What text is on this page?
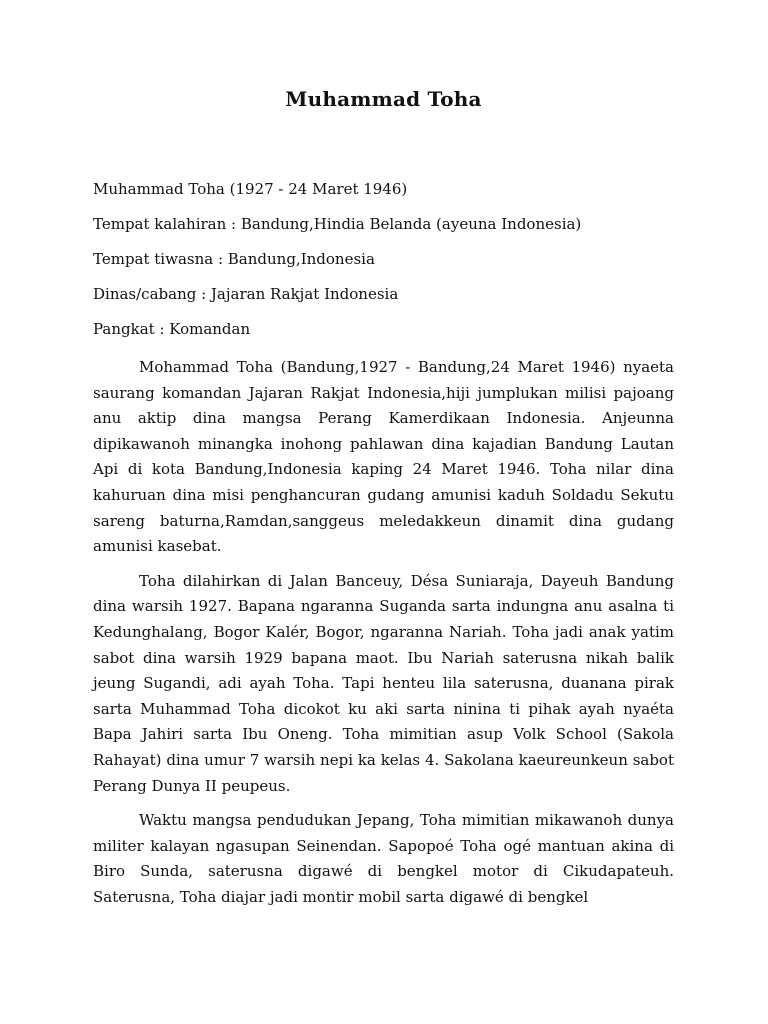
Muhammad Toha

Muhammad Toha (1927 - 24 Maret 1946)

Tempat kalahiran : Bandung,Hindia Belanda (ayeuna Indonesia)

Tempat tiwasna : Bandung,Indonesia

Dinas/cabang : Jajaran Rakjat Indonesia

Pangkat : Komandan

Mohammad Toha (Bandung,1927 - Bandung,24 Maret 1946) nyaeta saurang komandan Jajaran Rakjat Indonesia,hiji jumplukan milisi pajoang anu aktip dina mangsa Perang Kamerdikaan Indonesia. Anjeunna dipikawanoh minangka inohong pahlawan dina kajadian Bandung Lautan Api di kota Bandung,Indonesia kaping 24 Maret 1946. Toha nilar dina kahuruan dina misi penghancuran gudang amunisi kaduh Soldadu Sekutu sareng baturna,Ramdan,sanggeus meledakkeun dinamit dina gudang amunisi kasebat.

Toha dilahirkan di Jalan Banceuy, Désa Suniaraja, Dayeuh Bandung dina warsih 1927. Bapana ngaranna Suganda sarta indungna anu asalna ti Kedunghalang, Bogor Kalér, Bogor, ngaranna Nariah. Toha jadi anak yatim sabot dina warsih 1929 bapana maot. Ibu Nariah saterusna nikah balik jeung Sugandi, adi ayah Toha. Tapi henteu lila saterusna, duanana pirak sarta Muhammad Toha dicokot ku aki sarta ninina ti pihak ayah nyaéta Bapa Jahiri sarta Ibu Oneng. Toha mimitian asup Volk School (Sakola Rahayat) dina umur 7 warsih nepi ka kelas 4. Sakolana kaeureunkeun sabot Perang Dunya II peupeus.

Waktu mangsa pendudukan Jepang, Toha mimitian mikawanoh dunya militer kalayan ngasupan Seinendan. Sapopoé Toha ogé mantuan akina di Biro Sunda, saterusna digawé di bengkel motor di Cikudapateuh. Saterusna, Toha diajar jadi montir mobil sarta digawé di bengkel
